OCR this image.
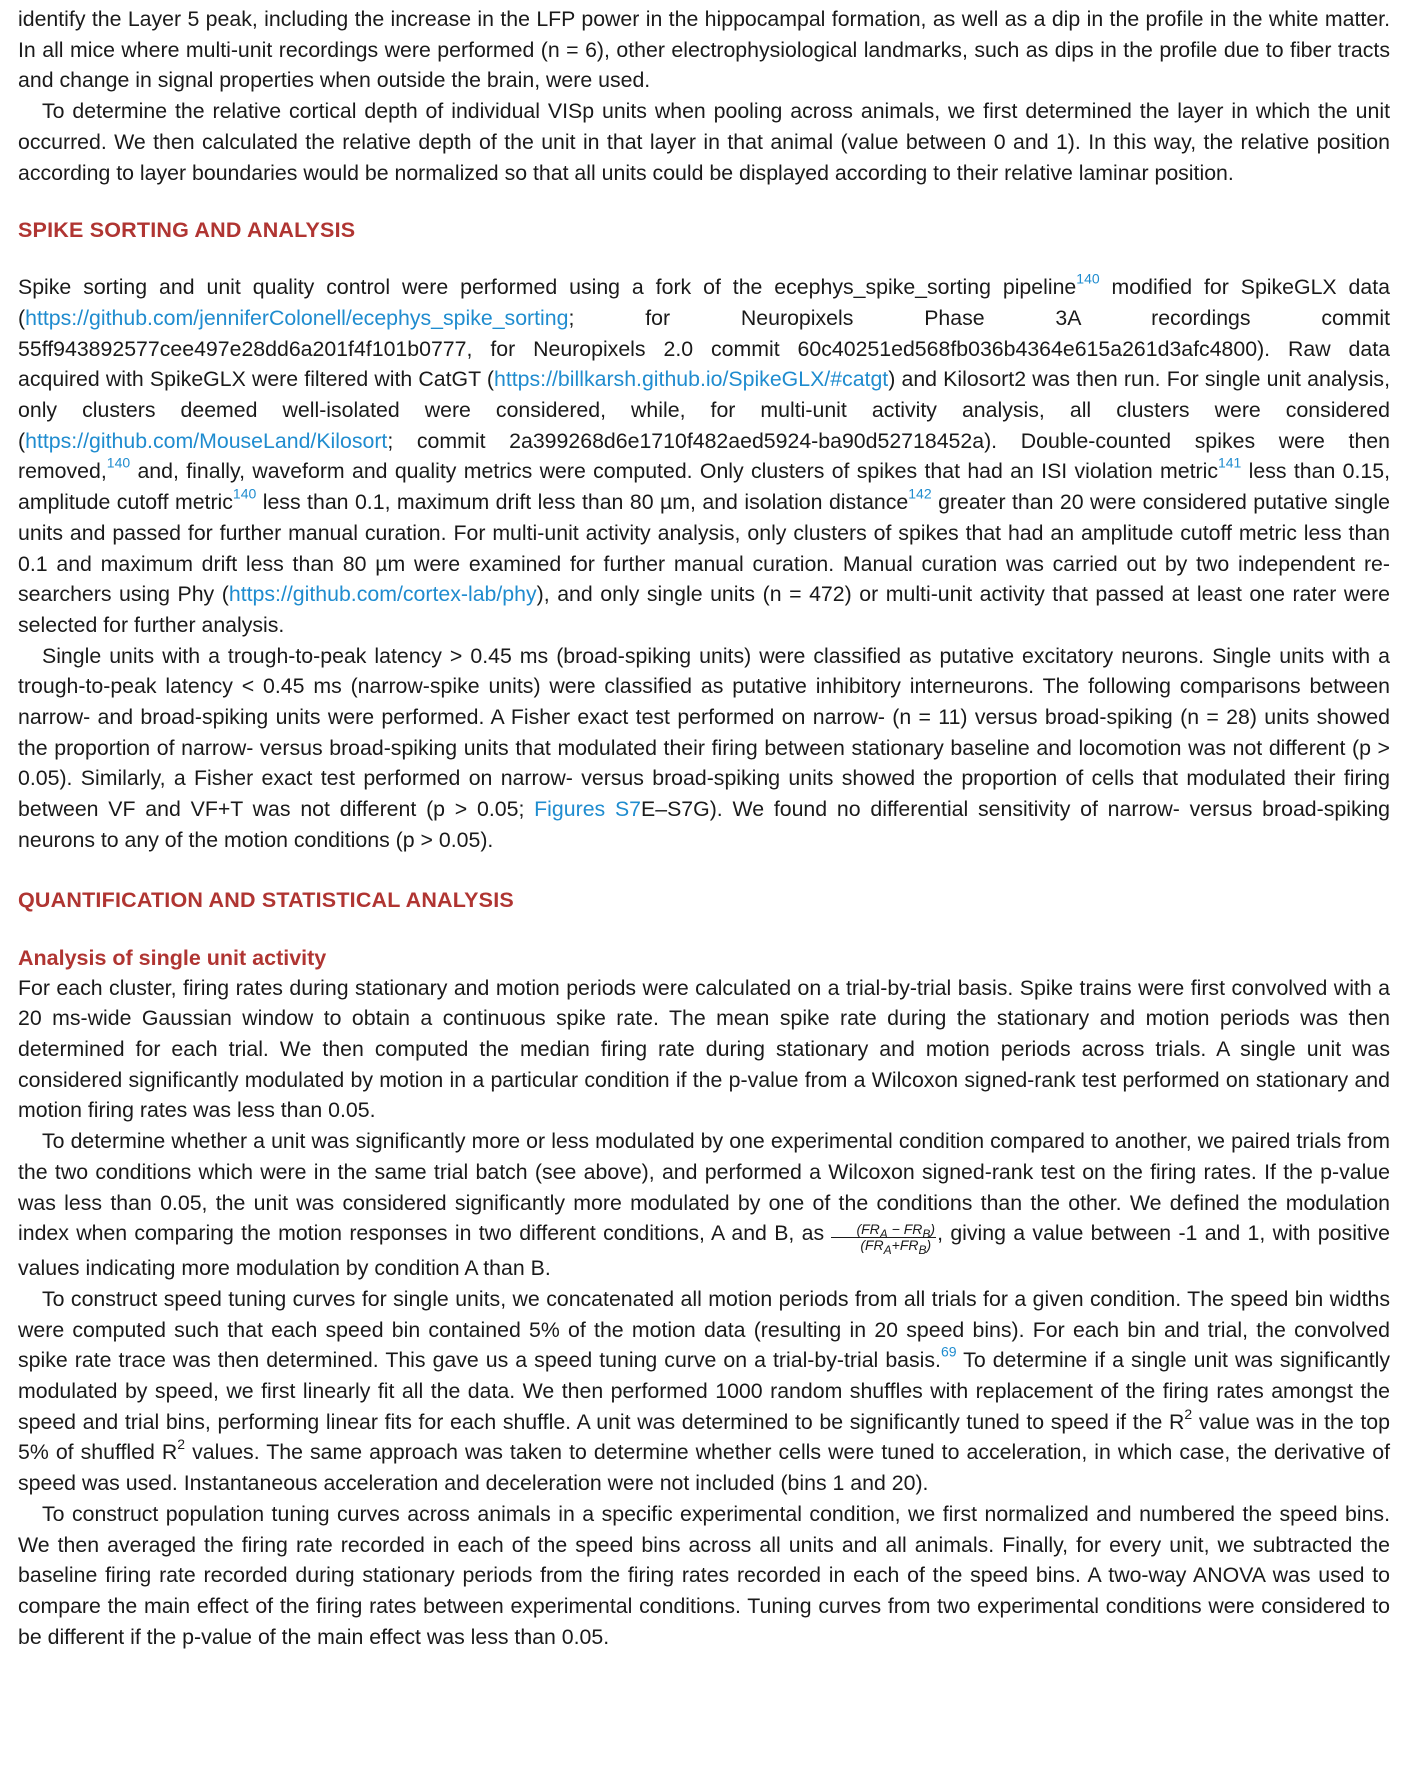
identify the Layer 5 peak, including the increase in the LFP power in the hippocampal formation, as well as a dip in the profile in the white matter. In all mice where multi-unit recordings were performed (n = 6), other electrophysiological landmarks, such as dips in the profile due to fiber tracts and change in signal properties when outside the brain, were used.

To determine the relative cortical depth of individual VISp units when pooling across animals, we first determined the layer in which the unit occurred. We then calculated the relative depth of the unit in that layer in that animal (value between 0 and 1). In this way, the relative position according to layer boundaries would be normalized so that all units could be displayed according to their relative laminar position.

SPIKE SORTING AND ANALYSIS

Spike sorting and unit quality control were performed using a fork of the ecephys_spike_sorting pipeline$^{140}$ modified for SpikeGLX data (https://github.com/jenniferColonell/ecephys_spike_sorting; for Neuropixels Phase 3A recordings commit 55ff943892577cee497e28dd6a201f4f101b0777, for Neuropixels 2.0 commit 60c40251ed568fb036b4364e615a261d3afc4800). Raw data acquired with SpikeGLX were filtered with CatGT (https://billkarsh.github.io/SpikeGLX/#catgt) and Kilosort2 was then run. For single unit analysis, only clusters deemed well-isolated were considered, while, for multi-unit activity analysis, all clusters were considered (https://github.com/MouseLand/Kilosort; commit 2a399268d6e1710f482aed5924-ba90d52718452a). Double-counted spikes were then removed,$^{140}$ and, finally, waveform and quality metrics were computed. Only clusters of spikes that had an ISI violation metric$^{141}$ less than 0.15, amplitude cutoff metric$^{140}$ less than 0.1, maximum drift less than 80 µm, and isolation distance$^{142}$ greater than 20 were considered putative single units and passed for further manual curation. For multi-unit activity analysis, only clusters of spikes that had an amplitude cutoff metric less than 0.1 and maximum drift less than 80 µm were examined for further manual curation. Manual curation was carried out by two independent researchers using Phy (https://github.com/cortex-lab/phy), and only single units (n = 472) or multi-unit activity that passed at least one rater were selected for further analysis.

Single units with a trough-to-peak latency > 0.45 ms (broad-spiking units) were classified as putative excitatory neurons. Single units with a trough-to-peak latency < 0.45 ms (narrow-spike units) were classified as putative inhibitory interneurons. The following comparisons between narrow- and broad-spiking units were performed. A Fisher exact test performed on narrow- (n = 11) versus broad-spiking (n = 28) units showed the proportion of narrow- versus broad-spiking units that modulated their firing between stationary baseline and locomotion was not different (p > 0.05). Similarly, a Fisher exact test performed on narrow- versus broad-spiking units showed the proportion of cells that modulated their firing between VF and VF+T was not different (p > 0.05; Figures S7E–S7G). We found no differential sensitivity of narrow- versus broad-spiking neurons to any of the motion conditions (p > 0.05).

QUANTIFICATION AND STATISTICAL ANALYSIS
Analysis of single unit activity

For each cluster, firing rates during stationary and motion periods were calculated on a trial-by-trial basis. Spike trains were first convolved with a 20 ms-wide Gaussian window to obtain a continuous spike rate. The mean spike rate during the stationary and motion periods was then determined for each trial. We then computed the median firing rate during stationary and motion periods across trials. A single unit was considered significantly modulated by motion in a particular condition if the p-value from a Wilcoxon signed-rank test performed on stationary and motion firing rates was less than 0.05.

To determine whether a unit was significantly more or less modulated by one experimental condition compared to another, we paired trials from the two conditions which were in the same trial batch (see above), and performed a Wilcoxon signed-rank test on the firing rates. If the p-value was less than 0.05, the unit was considered significantly more modulated by one of the conditions than the other. We defined the modulation index when comparing the motion responses in two different conditions, A and B, as $\frac{(FR_A - FR_B)}{(FR_A+FR_B)}$ , giving a value between -1 and 1, with positive values indicating more modulation by condition A than B.

To construct speed tuning curves for single units, we concatenated all motion periods from all trials for a given condition. The speed bin widths were computed such that each speed bin contained 5% of the motion data (resulting in 20 speed bins). For each bin and trial, the convolved spike rate trace was then determined. This gave us a speed tuning curve on a trial-by-trial basis.$^{69}$ To determine if a single unit was significantly modulated by speed, we first linearly fit all the data. We then performed 1000 random shuffles with replacement of the firing rates amongst the speed and trial bins, performing linear fits for each shuffle. A unit was determined to be significantly tuned to speed if the $R^2$ value was in the top 5% of shuffled $R^2$ values. The same approach was taken to determine whether cells were tuned to acceleration, in which case, the derivative of speed was used. Instantaneous acceleration and deceleration were not included (bins 1 and 20).

To construct population tuning curves across animals in a specific experimental condition, we first normalized and numbered the speed bins. We then averaged the firing rate recorded in each of the speed bins across all units and all animals. Finally, for every unit, we subtracted the baseline firing rate recorded during stationary periods from the firing rates recorded in each of the speed bins. A two-way ANOVA was used to compare the main effect of the firing rates between experimental conditions. Tuning curves from two experimental conditions were considered to be different if the p-value of the main effect was less than 0.05.
